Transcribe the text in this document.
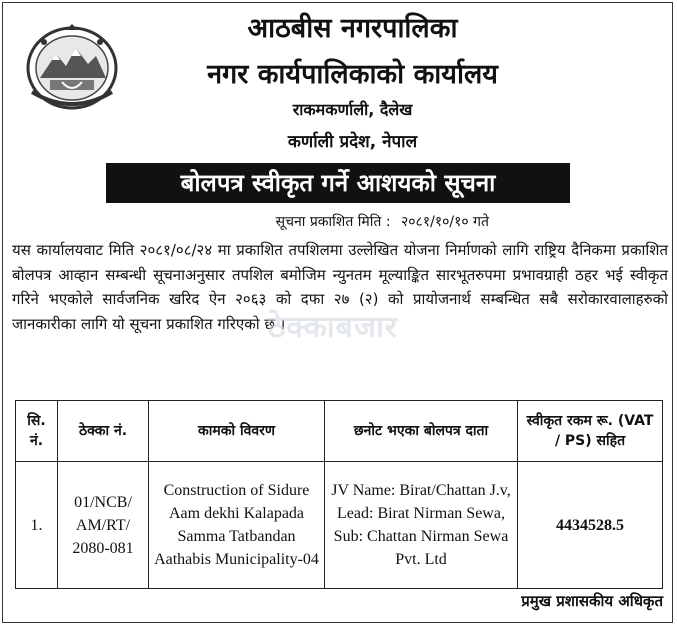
आठबीस नगरपालिका
नगर कार्यपालिकाको कार्यालय
राकमकर्णाली, दैलेख
कर्णाली प्रदेश, नेपाल
बोलपत्र स्वीकृत गर्ने आशयको सूचना
सूचना प्रकाशित मिति : २०८१/१०/१० गते
यस कार्यालयवाट मिति २०८१/०८/२४ मा प्रकाशित तपशिलमा उल्लेखित योजना निर्माणको लागि राष्ट्रिय दैनिकमा प्रकाशित बोलपत्र आव्हान सम्बन्धी सूचनाअनुसार तपशिल बमोजिम न्युनतम मूल्याङ्कित सारभूतरुपमा प्रभावग्राही ठहर भई स्वीकृत गरिने भएकोले सार्वजनिक खरिद ऐन २०६३ को दफा २७ (२) को प्रायोजनार्थ सम्बन्धित सबै सरोकारवालाहरुको जानकारीका लागि यो सूचना प्रकाशित गरिएको छ ।
ठेक्काबजार
सि. नं.	ठेक्का नं.	कामको विवरण	छनोट भएका बोलपत्र दाता	स्वीकृत रकम रू. (VAT / PS) सहित
1.	01/NCB/ AM/RT/ 2080-081	Construction of Sidure Aam dekhi Kalapada Samma Tatbandan Aathabis Municipality-04	JV Name: Birat/Chattan J.v, Lead: Birat Nirman Sewa, Sub: Chattan Nirman Sewa Pvt. Ltd	4434528.5
प्रमुख प्रशासकीय अधिकृत
